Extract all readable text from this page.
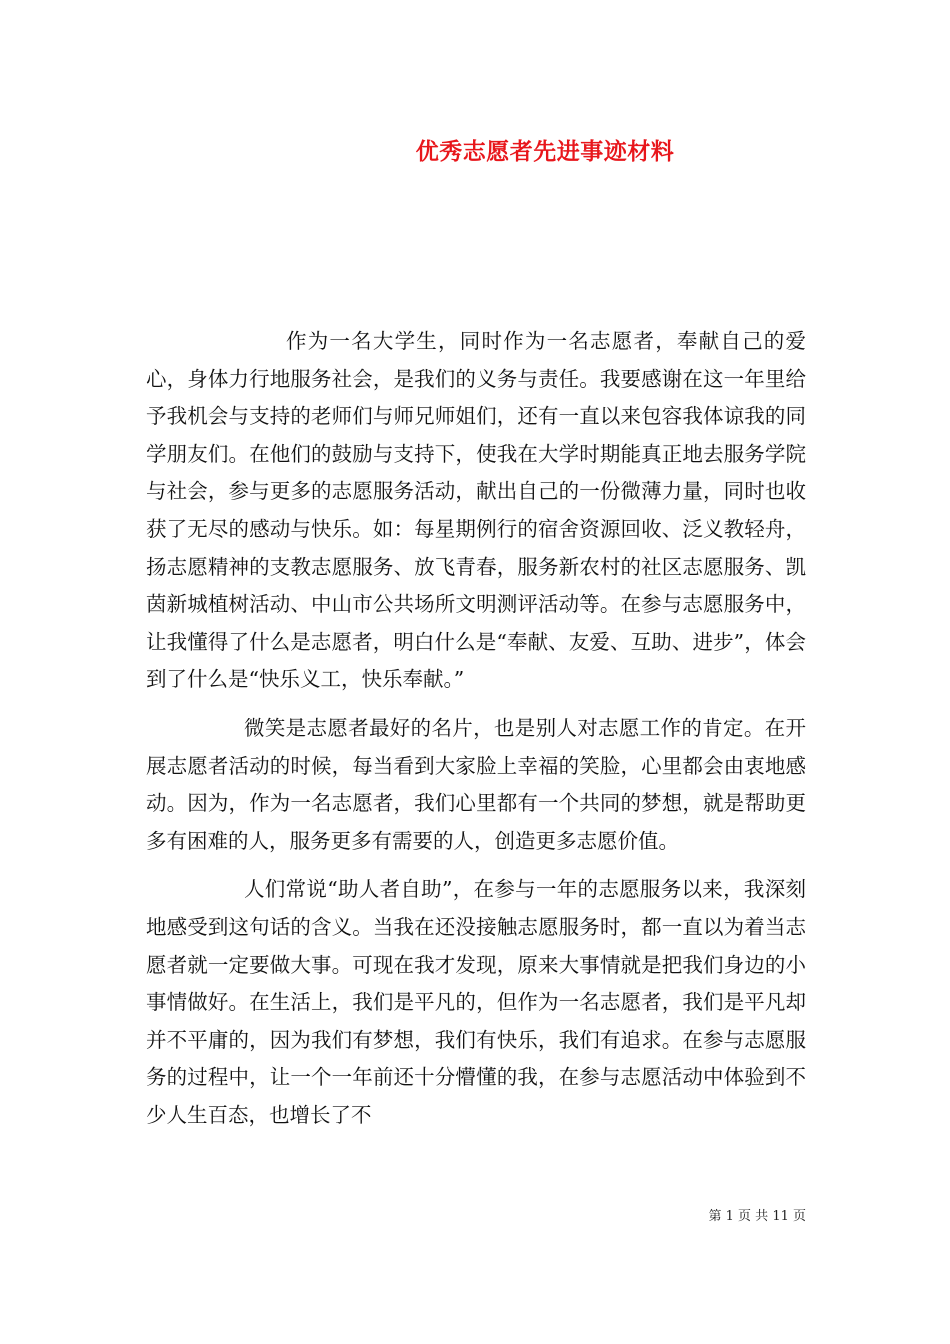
优秀志愿者先进事迹材料

作为一名大学生，同时作为一名志愿者，奉献自己的爱心，身体力行地服务社会，是我们的义务与责任。我要感谢在这一年里给予我机会与支持的老师们与师兄师姐们，还有一直以来包容我体谅我的同学朋友们。在他们的鼓励与支持下，使我在大学时期能真正地去服务学院与社会，参与更多的志愿服务活动，献出自己的一份微薄力量，同时也收获了无尽的感动与快乐。如：每星期例行的宿舍资源回收、泛义教轻舟，扬志愿精神的支教志愿服务、放飞青春，服务新农村的社区志愿服务、凯茵新城植树活动、中山市公共场所文明测评活动等。在参与志愿服务中，让我懂得了什么是志愿者，明白什么是“奉献、友爱、互助、进步”，体会到了什么是“快乐义工，快乐奉献。”

微笑是志愿者最好的名片，也是别人对志愿工作的肯定。在开展志愿者活动的时候，每当看到大家脸上幸福的笑脸，心里都会由衷地感动。因为，作为一名志愿者，我们心里都有一个共同的梦想，就是帮助更多有困难的人，服务更多有需要的人，创造更多志愿价值。

人们常说“助人者自助”，在参与一年的志愿服务以来，我深刻地感受到这句话的含义。当我在还没接触志愿服务时，都一直以为着当志愿者就一定要做大事。可现在我才发现，原来大事情就是把我们身边的小事情做好。在生活上，我们是平凡的，但作为一名志愿者，我们是平凡却并不平庸的，因为我们有梦想，我们有快乐，我们有追求。在参与志愿服务的过程中，让一个一年前还十分懵懂的我，在参与志愿活动中体验到不少人生百态，也增长了不

第 1 页 共 11 页
